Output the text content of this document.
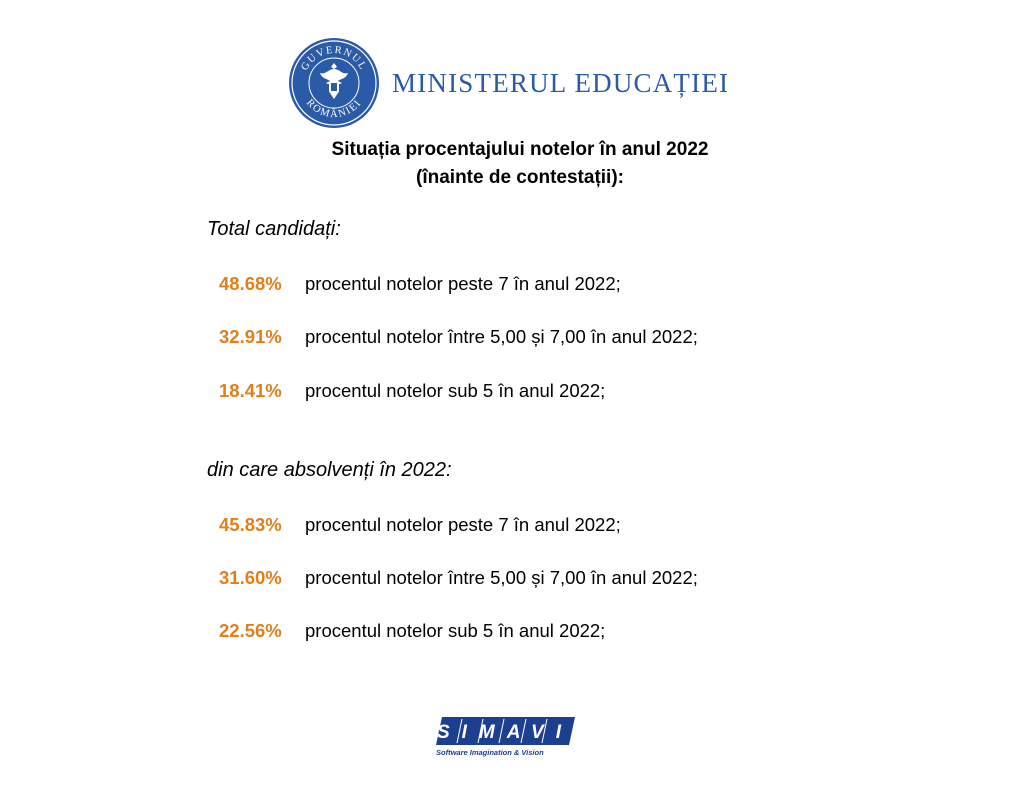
GUVERNUL
ROMÂNIEI
MINISTERUL EDUCAȚIEI
Situația procentajului notelor în anul 2022
(înainte de contestații):
Total candidați:
48.68%	procentul notelor peste 7 în anul 2022;
32.91%	procentul notelor între 5,00 și 7,00 în anul 2022;
18.41%	procentul notelor sub 5 în anul 2022;
din care absolvenți în 2022:
45.83%	procentul notelor peste 7 în anul 2022;
31.60%	procentul notelor între 5,00 și 7,00 în anul 2022;
22.56%	procentul notelor sub 5 în anul 2022;
SIMAVI
Software Imagination & Vision
